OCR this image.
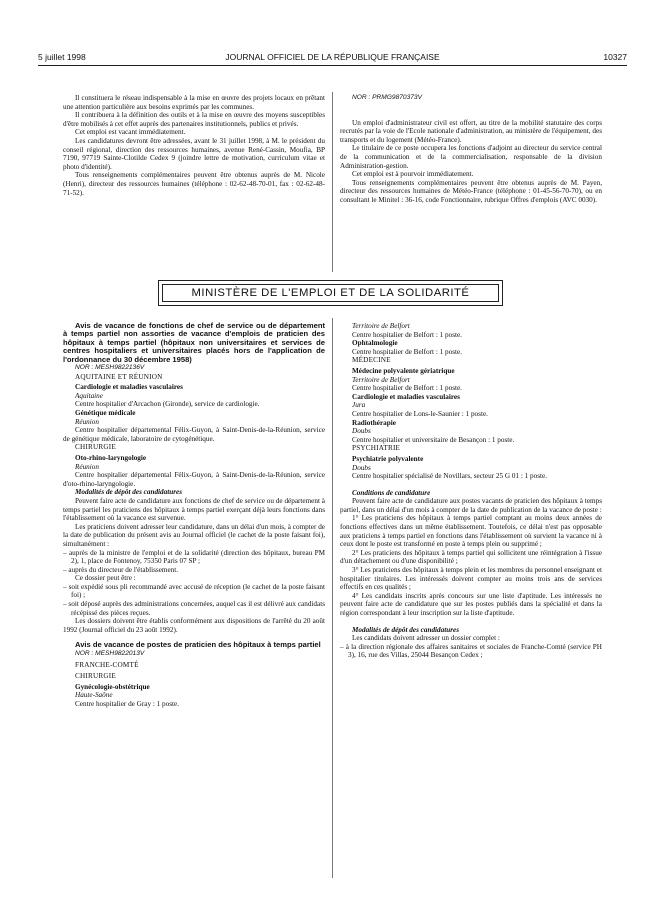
5 juillet 1998	JOURNAL OFFICIEL DE LA RÉPUBLIQUE FRANÇAISE	10327

Il constituera le réseau indispensable à la mise en œuvre des projets locaux en prêtant une attention particulière aux besoins exprimés par les communes.

Il contribuera à la définition des outils et à la mise en œuvre des moyens susceptibles d'être mobilisés à cet effet auprès des partenaires institutionnels, publics et privés.

Cet emploi est vacant immédiatement.

Les candidatures devront être adressées, avant le 31 juillet 1998, à M. le président du conseil régional, direction des ressources humaines, avenue René-Cassin, Moufia, BP 7190, 97719 Sainte-Clotilde Cedex 9 (joindre lettre de motivation, curriculum vitae et photo d'identité).

Tous renseignements complémentaires peuvent être obtenus auprès de M. Nicole (Henri), directeur des ressources humaines (téléphone : 02-62-48-70-01, fax : 02-62-48-71-52).

NOR : PRMG9870373V

Un emploi d'administrateur civil est offert, au titre de la mobilité statutaire des corps recrutés par la voie de l'Ecole nationale d'administration, au ministère de l'équipement, des transports et du logement (Météo-France).

Le titulaire de ce poste occupera les fonctions d'adjoint au directeur du service central de la communication et de la commercialisation, responsable de la division Administration-gestion.

Cet emploi est à pourvoir immédiatement.

Tous renseignements complémentaires peuvent être obtenus auprès de M. Payen, directeur des ressources humaines de Météo-France (téléphone : 01-45-56-70-70), ou en consultant le Minitel : 36-16, code Fonctionnaire, rubrique Offres d'emplois (AVC 0030).

MINISTÈRE DE L'EMPLOI ET DE LA SOLIDARITÉ

Avis de vacance de fonctions de chef de service ou de département à temps partiel non assorties de vacance d'emplois de praticien des hôpitaux à temps partiel (hôpitaux non universitaires et services de centres hospitaliers et universitaires placés hors de l'application de l'ordonnance du 30 décembre 1958)

NOR : MESH9822136V

AQUITAINE ET RÉUNION

Cardiologie et maladies vasculaires

Aquitaine

Centre hospitalier d'Arcachon (Gironde), service de cardiologie.

Génétique médicale

Réunion

Centre hospitalier départemental Félix-Guyon, à Saint-Denis-de-la-Réunion, service de génétique médicale, laboratoire de cytogénétique.

CHIRURGIE

Oto-rhino-laryngologie

Réunion

Centre hospitalier départemental Félix-Guyon, à Saint-Denis-de-la-Réunion, service d'oto-rhino-laryngologie.

Modalités de dépôt des candidatures

Peuvent faire acte de candidature aux fonctions de chef de service ou de département à temps partiel les praticiens des hôpitaux à temps partiel exerçant déjà leurs fonctions dans l'établissement où la vacance est survenue.

Les praticiens doivent adresser leur candidature, dans un délai d'un mois, à compter de la date de publication du présent avis au Journal officiel (le cachet de la poste faisant foi), simultanément :

– auprès de la ministre de l'emploi et de la solidarité (direction des hôpitaux, bureau PM 2), 1, place de Fontenoy, 75350 Paris 07 SP ;

– auprès du directeur de l'établissement.

Ce dossier peut être :

– soit expédié sous pli recommandé avec accusé de réception (le cachet de la poste faisant foi) ;

– soit déposé auprès des administrations concernées, auquel cas il est délivré aux candidats récépissé des pièces reçues.

Les dossiers doivent être établis conformément aux dispositions de l'arrêté du 20 août 1992 (Journal officiel du 23 août 1992).

Avis de vacance de postes de praticien des hôpitaux à temps partiel

NOR : MESH9822013V

FRANCHE-COMTÉ

CHIRURGIE

Gynécologie-obstétrique

Haute-Saône

Centre hospitalier de Gray : 1 poste.

Territoire de Belfort

Centre hospitalier de Belfort : 1 poste.

Ophtalmologie

Centre hospitalier de Belfort : 1 poste.

MÉDECINE

Médecine polyvalente gériatrique

Territoire de Belfort

Centre hospitalier de Belfort : 1 poste.

Cardiologie et maladies vasculaires

Jura

Centre hospitalier de Lons-le-Saunier : 1 poste.

Radiothérapie

Doubs

Centre hospitalier et universitaire de Besançon : 1 poste.

PSYCHIATRIE

Psychiatrie polyvalente

Doubs

Centre hospitalier spécialisé de Novillars, secteur 25 G 01 : 1 poste.

Conditions de candidature

Peuvent faire acte de candidature aux postes vacants de praticien des hôpitaux à temps partiel, dans un délai d'un mois à compter de la date de publication de la vacance de poste :

1° Les praticiens des hôpitaux à temps partiel comptant au moins deux années de fonctions effectives dans un même établissement. Toutefois, ce délai n'est pas opposable aux praticiens à temps partiel en fonctions dans l'établissement où survient la vacance ni à ceux dont le poste est transformé en poste à temps plein ou supprimé ;

2° Les praticiens des hôpitaux à temps partiel qui sollicitent une réintégration à l'issue d'un détachement ou d'une disponibilité ;

3° Les praticiens des hôpitaux à temps plein et les membres du personnel enseignant et hospitalier titulaires. Les intéressés doivent compter au moins trois ans de services effectifs en ces qualités ;

4° Les candidats inscrits après concours sur une liste d'aptitude. Les intéressés ne peuvent faire acte de candidature que sur les postes publiés dans la spécialité et dans la région correspondant à leur inscription sur la liste d'aptitude.

Modalités de dépôt des candidatures

Les candidats doivent adresser un dossier complet :

– à la direction régionale des affaires sanitaires et sociales de Franche-Comté (service PH 3), 16, rue des Villas, 25044 Besançon Cedex ;
